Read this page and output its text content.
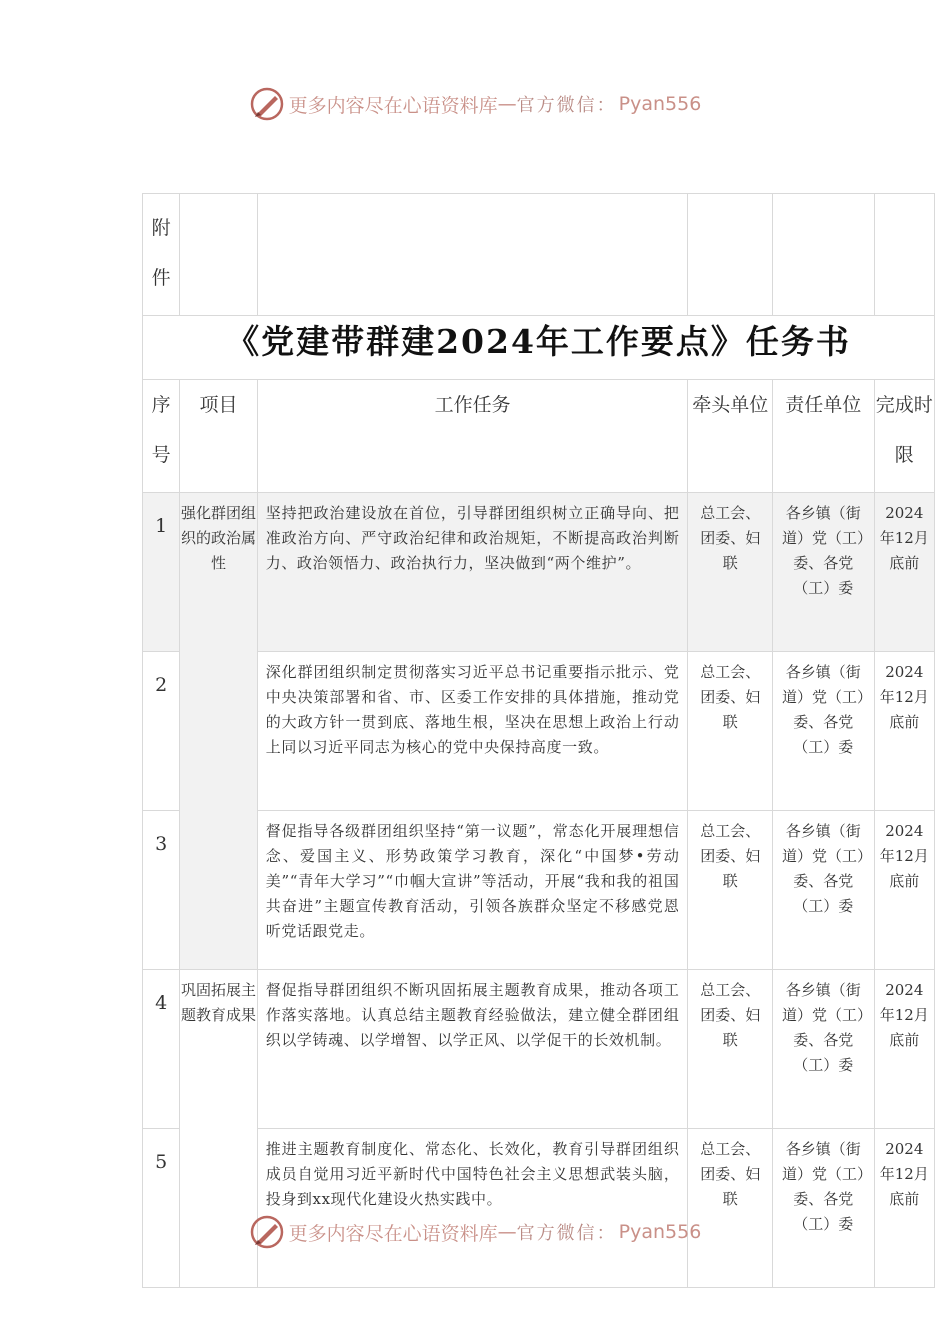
更多内容尽在心语资料库 — 官方微信： Pyan556
附件					
《党建带群建2024年工作要点》任务书					
序号	项目	工作任务	牵头单位	责任单位	完成时限
1	强化群团组织的政治属性	坚持把政治建设放在首位，引导群团组织树立正确导向、把准政治方向、严守政治纪律和政治规矩，不断提高政治判断力、政治领悟力、政治执行力，坚决做到“两个维护”。	总工会、团委、妇联	各乡镇（街道）党（工）委、各党（工）委	2024年12月底前
2		深化群团组织制定贯彻落实习近平总书记重要指示批示、党中央决策部署和省、市、区委工作安排的具体措施，推动党的大政方针一贯到底、落地生根，坚决在思想上政治上行动上同以习近平同志为核心的党中央保持高度一致。	总工会、团委、妇联	各乡镇（街道）党（工）委、各党（工）委	2024年12月底前
3		督促指导各级群团组织坚持“第一议题”，常态化开展理想信念、爱国主义、形势政策学习教育，深化“中国梦•劳动美”“青年大学习”“巾帼大宣讲”等活动，开展“我和我的祖国共奋进”主题宣传教育活动，引领各族群众坚定不移感党恩听党话跟党走。	总工会、团委、妇联	各乡镇（街道）党（工）委、各党（工）委	2024年12月底前
4	巩固拓展主题教育成果	督促指导群团组织不断巩固拓展主题教育成果，推动各项工作落实落地。认真总结主题教育经验做法，建立健全群团组织以学铸魂、以学增智、以学正风、以学促干的长效机制。	总工会、团委、妇联	各乡镇（街道）党（工）委、各党（工）委	2024年12月底前
5		推进主题教育制度化、常态化、长效化，教育引导群团组织成员自觉用习近平新时代中国特色社会主义思想武装头脑，投身到xx现代化建设火热实践中。	总工会、团委、妇联	各乡镇（街道）党（工）委、各党（工）委	2024年12月底前
更多内容尽在心语资料库 — 官方微信： Pyan556
